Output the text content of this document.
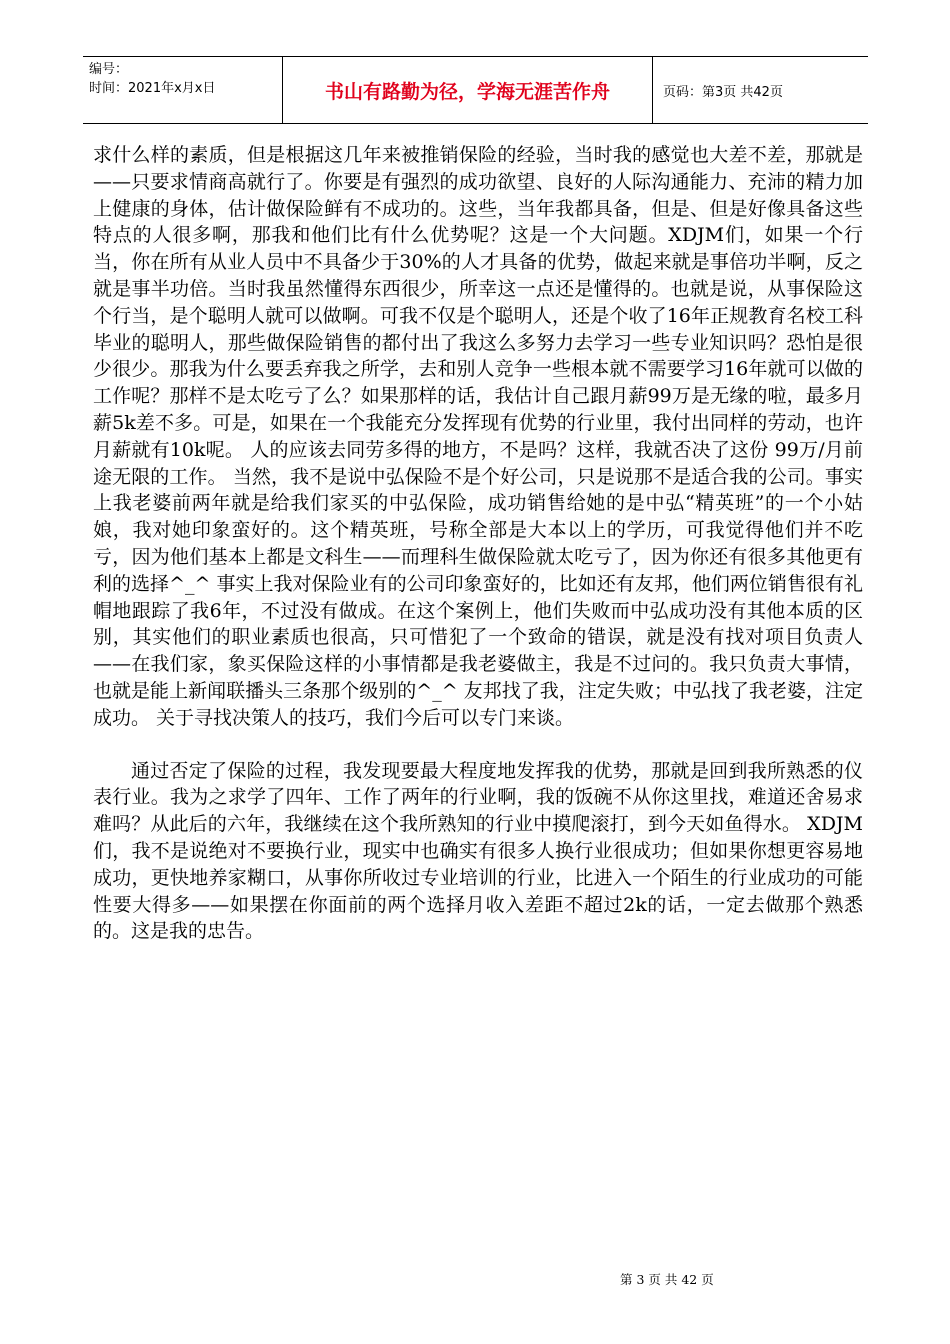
编号：
时间：2021年x月x日	书山有路勤为径，学海无涯苦作舟	页码：第3页 共42页

求什么样的素质，但是根据这几年来被推销保险的经验，当时我的感觉也大差不差，那就是——只要求情商高就行了。你要是有强烈的成功欲望、良好的人际沟通能力、充沛的精力加上健康的身体，估计做保险鲜有不成功的。这些，当年我都具备，但是、但是好像具备这些特点的人很多啊，那我和他们比有什么优势呢？这是一个大问题。XDJM们，如果一个行当，你在所有从业人员中不具备少于30%的人才具备的优势，做起来就是事倍功半啊，反之就是事半功倍。当时我虽然懂得东西很少，所幸这一点还是懂得的。也就是说，从事保险这个行当，是个聪明人就可以做啊。可我不仅是个聪明人，还是个收了16年正规教育名校工科毕业的聪明人，那些做保险销售的都付出了我这么多努力去学习一些专业知识吗？恐怕是很少很少。那我为什么要丢弃我之所学，去和别人竞争一些根本就不需要学习16年就可以做的工作呢？那样不是太吃亏了么？如果那样的话，我估计自己跟月薪99万是无缘的啦，最多月薪5k差不多。可是，如果在一个我能充分发挥现有优势的行业里，我付出同样的劳动，也许月薪就有10k呢。 人的应该去同劳多得的地方，不是吗？这样，我就否决了这份 99万/月前途无限的工作。 当然，我不是说中弘保险不是个好公司，只是说那不是适合我的公司。事实上我老婆前两年就是给我们家买的中弘保险，成功销售给她的是中弘“精英班”的一个小姑娘，我对她印象蛮好的。这个精英班，号称全部是大本以上的学历，可我觉得他们并不吃亏，因为他们基本上都是文科生——而理科生做保险就太吃亏了，因为你还有很多其他更有利的选择^_^ 事实上我对保险业有的公司印象蛮好的，比如还有友邦，他们两位销售很有礼帽地跟踪了我6年，不过没有做成。在这个案例上，他们失败而中弘成功没有其他本质的区别，其实他们的职业素质也很高，只可惜犯了一个致命的错误，就是没有找对项目负责人——在我们家，象买保险这样的小事情都是我老婆做主，我是不过问的。我只负责大事情，也就是能上新闻联播头三条那个级别的^_^ 友邦找了我，注定失败；中弘找了我老婆，注定成功。 关于寻找决策人的技巧，我们今后可以专门来谈。

通过否定了保险的过程，我发现要最大程度地发挥我的优势，那就是回到我所熟悉的仪表行业。我为之求学了四年、工作了两年的行业啊，我的饭碗不从你这里找，难道还舍易求难吗？从此后的六年，我继续在这个我所熟知的行业中摸爬滚打，到今天如鱼得水。 XDJM们，我不是说绝对不要换行业，现实中也确实有很多人换行业很成功；但如果你想更容易地成功，更快地养家糊口，从事你所收过专业培训的行业，比进入一个陌生的行业成功的可能性要大得多——如果摆在你面前的两个选择月收入差距不超过2k的话，一定去做那个熟悉的。这是我的忠告。

第 3 页 共 42 页
